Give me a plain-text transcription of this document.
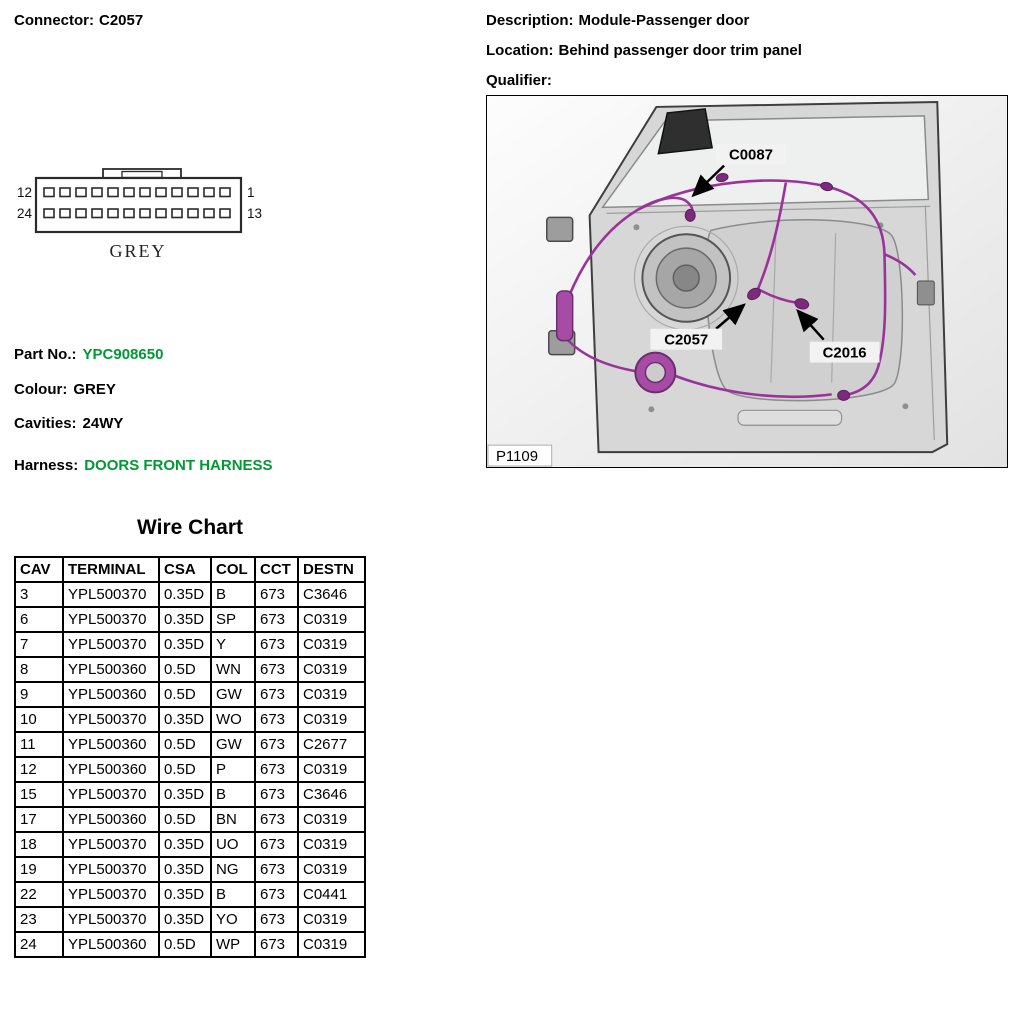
Connector: C2057	Description: Module-Passenger door
Location: Behind passenger door trim panel
Qualifier:
12
24
1
13
GREY
Part No.: YPC908650
Colour: GREY
Cavities: 24WY
Harness: DOORS FRONT HARNESS
C0087
C2057
C2016
P1109
Wire Chart
CAV	TERMINAL	CSA	COL	CCT	DESTN
3	YPL500370	0.35D	B	673	C3646
6	YPL500370	0.35D	SP	673	C0319
7	YPL500370	0.35D	Y	673	C0319
8	YPL500360	0.5D	WN	673	C0319
9	YPL500360	0.5D	GW	673	C0319
10	YPL500370	0.35D	WO	673	C0319
11	YPL500360	0.5D	GW	673	C2677
12	YPL500360	0.5D	P	673	C0319
15	YPL500370	0.35D	B	673	C3646
17	YPL500360	0.5D	BN	673	C0319
18	YPL500370	0.35D	UO	673	C0319
19	YPL500370	0.35D	NG	673	C0319
22	YPL500370	0.35D	B	673	C0441
23	YPL500370	0.35D	YO	673	C0319
24	YPL500360	0.5D	WP	673	C0319
